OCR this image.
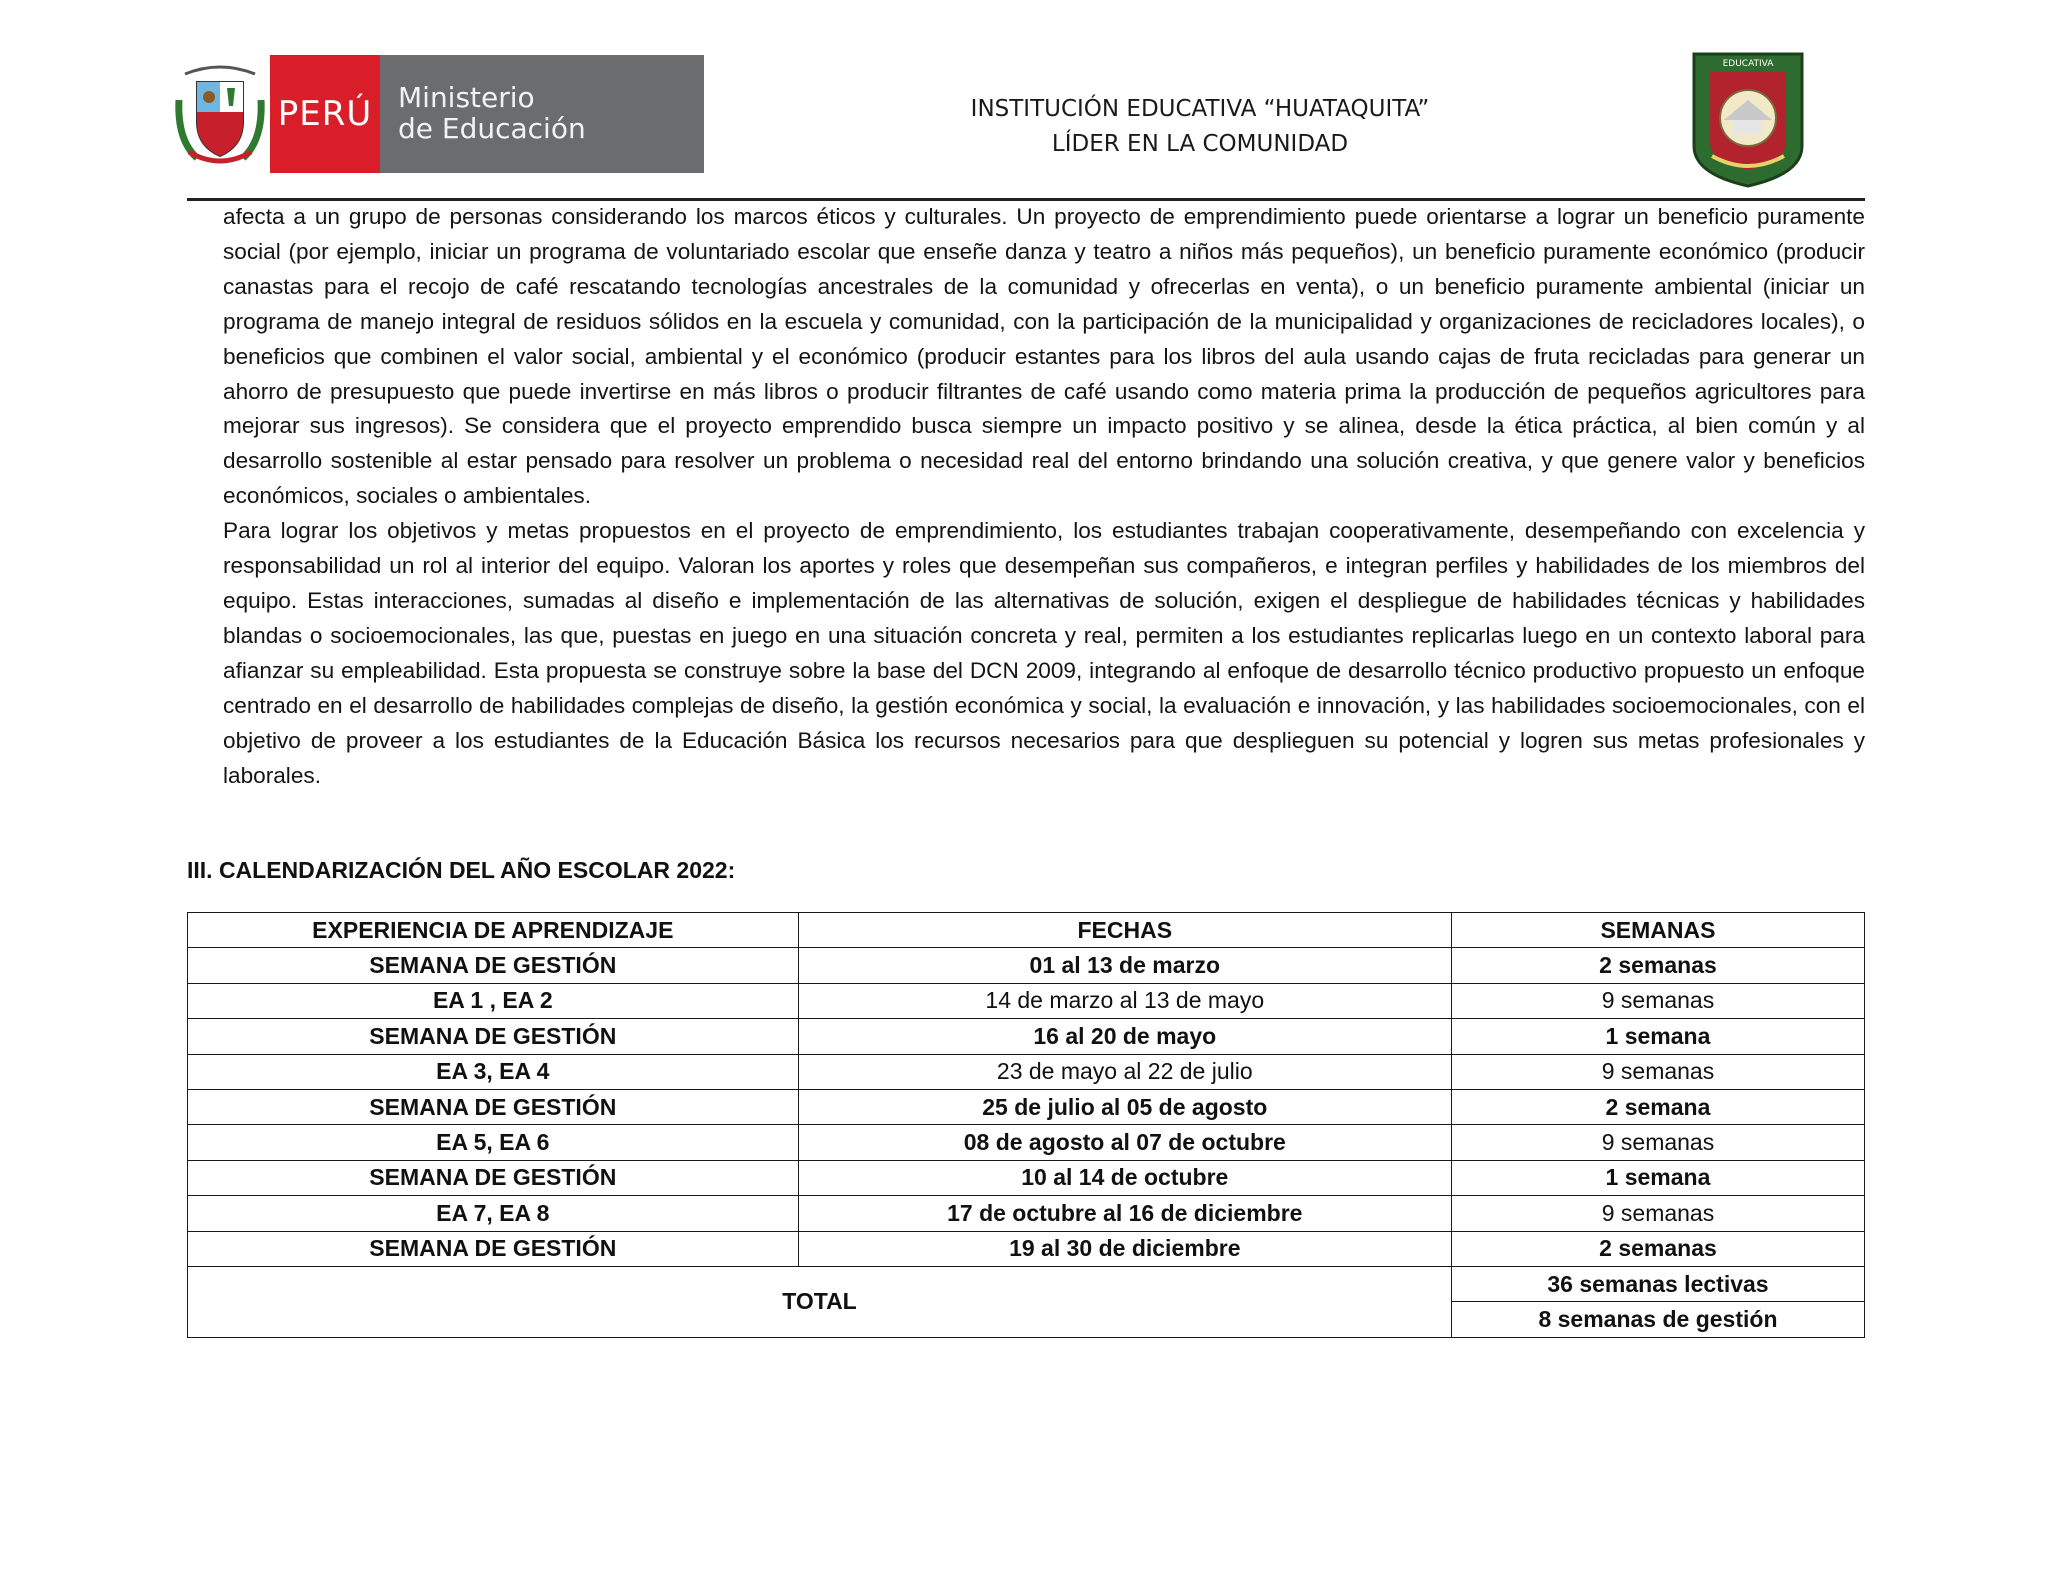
PERÚ Ministerio
de Educación
INSTITUCIÓN EDUCATIVA “HUATAQUITA”
LÍDER EN LA COMUNIDAD
EDUCATIVA

afecta a un grupo de personas considerando los marcos éticos y culturales. Un proyecto de emprendimiento puede orientarse a lograr un beneficio puramente social (por ejemplo, iniciar un programa de voluntariado escolar que enseñe danza y teatro a niños más pequeños), un beneficio puramente económico (producir canastas para el recojo de café rescatando tecnologías ancestrales de la comunidad y ofrecerlas en venta), o un beneficio puramente ambiental (iniciar un programa de manejo integral de residuos sólidos en la escuela y comunidad, con la participación de la municipalidad y organizaciones de recicladores locales), o beneficios que combinen el valor social, ambiental y el económico (producir estantes para los libros del aula usando cajas de fruta recicladas para generar un ahorro de presupuesto que puede invertirse en más libros o producir filtrantes de café usando como materia prima la producción de pequeños agricultores para mejorar sus ingresos). Se considera que el proyecto emprendido busca siempre un impacto positivo y se alinea, desde la ética práctica, al bien común y al desarrollo sostenible al estar pensado para resolver un problema o necesidad real del entorno brindando una solución creativa, y que genere valor y beneficios económicos, sociales o ambientales.

Para lograr los objetivos y metas propuestos en el proyecto de emprendimiento, los estudiantes trabajan cooperativamente, desempeñando con excelencia y responsabilidad un rol al interior del equipo. Valoran los aportes y roles que desempeñan sus compañeros, e integran perfiles y habilidades de los miembros del equipo. Estas interacciones, sumadas al diseño e implementación de las alternativas de solución, exigen el despliegue de habilidades técnicas y habilidades blandas o socioemocionales, las que, puestas en juego en una situación concreta y real, permiten a los estudiantes replicarlas luego en un contexto laboral para afianzar su empleabilidad. Esta propuesta se construye sobre la base del DCN 2009, integrando al enfoque de desarrollo técnico productivo propuesto un enfoque centrado en el desarrollo de habilidades complejas de diseño, la gestión económica y social, la evaluación e innovación, y las habilidades socioemocionales, con el objetivo de proveer a los estudiantes de la Educación Básica los recursos necesarios para que desplieguen su potencial y logren sus metas profesionales y laborales.

III. CALENDARIZACIÓN DEL AÑO ESCOLAR 2022:
EXPERIENCIA DE APRENDIZAJE	FECHAS	SEMANAS
SEMANA DE GESTIÓN	01 al 13 de marzo	2 semanas
EA 1 , EA 2	14 de marzo al 13 de mayo	9 semanas
SEMANA DE GESTIÓN	16 al 20 de mayo	1 semana
EA 3, EA 4	23 de mayo al 22 de julio	9 semanas
SEMANA DE GESTIÓN	25 de julio al 05 de agosto	2 semana
EA 5, EA 6	08 de agosto al 07 de octubre	9 semanas
SEMANA DE GESTIÓN	10 al 14 de octubre	1 semana
EA 7, EA 8	17 de octubre al 16 de diciembre	9 semanas
SEMANA DE GESTIÓN	19 al 30 de diciembre	2 semanas
TOTAL		36 semanas lectivas
		8 semanas de gestión
